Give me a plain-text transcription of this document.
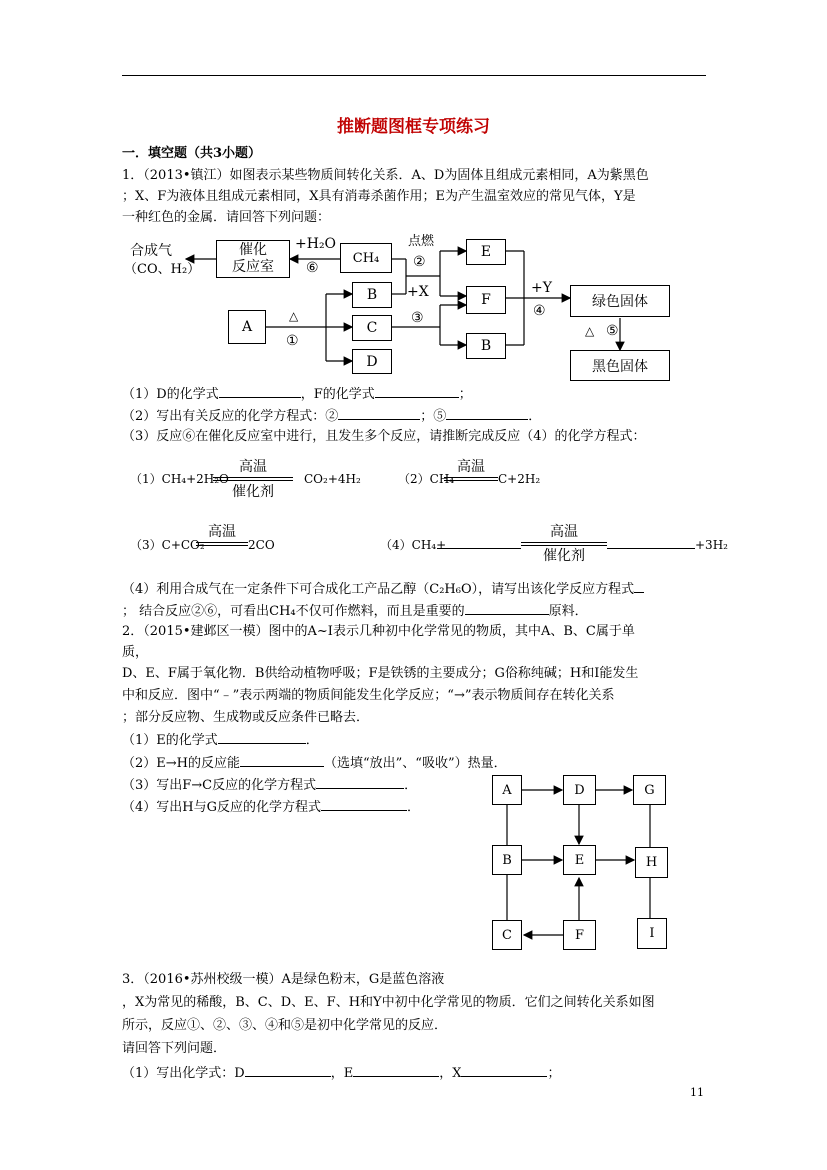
推断题图框专项练习
一．填空题（共3小题）
1．（2013•镇江）如图表示某些物质间转化关系．A、D为固体且组成元素相同，A为紫黑色
；X、F为液体且组成元素相同，X具有消毒杀菌作用；E为产生温室效应的常见气体，Y是
一种红色的金属．请回答下列问题：
合成气
（CO、H₂）
催化
反应室
+H₂O
⑥
CH₄
点燃
②
+X
E
F
B
B
C
D
A
△
①
③
+Y
④
绿色固体
△ ⑤
黑色固体
（1）D的化学式	，F的化学式	；
（2）写出有关反应的化学方程式：②	；⑤	．
（3）反应⑥在催化反应室中进行，且发生多个反应，请推断完成反应（4）的化学方程式：
（1）CH₄+2H₂O
高温
催化剂
CO₂+4H₂	（2）CH₄
高温
C+2H₂
（3）C+CO₂
高温
2CO	（4）CH₄+
高温
催化剂
+3H₂
（4）利用合成气在一定条件下可合成化工产品乙醇（C₂H₆O），请写出该化学反应方程式
； 结合反应②⑥，可看出CH₄不仅可作燃料，而且是重要的	原料．
2．（2015•建邺区一模）图中的A~I表示几种初中化学常见的物质，其中A、B、C属于单
质，
D、E、F属于氧化物．B供给动植物呼吸；F是铁锈的主要成分；G俗称纯碱；H和I能发生
中和反应．图中“﹣”表示两端的物质间能发生化学反应；“→”表示物质间存在转化关系
；部分反应物、生成物或反应条件已略去．
（1）E的化学式	．
（2）E→H的反应能	（选填“放出”、“吸收”）热量．
（3）写出F→C反应的化学方程式	．
（4）写出H与G反应的化学方程式	．
A	D	G
B	E	H
C	F	I
3．（2016•苏州校级一模）A是绿色粉末，G是蓝色溶液
，X为常见的稀酸，B、C、D、E、F、H和Y中初中化学常见的物质．它们之间转化关系如图
所示，反应①、②、③、④和⑤是初中化学常见的反应．
请回答下列问题．
（1）写出化学式：D	，E	，X	；
11
